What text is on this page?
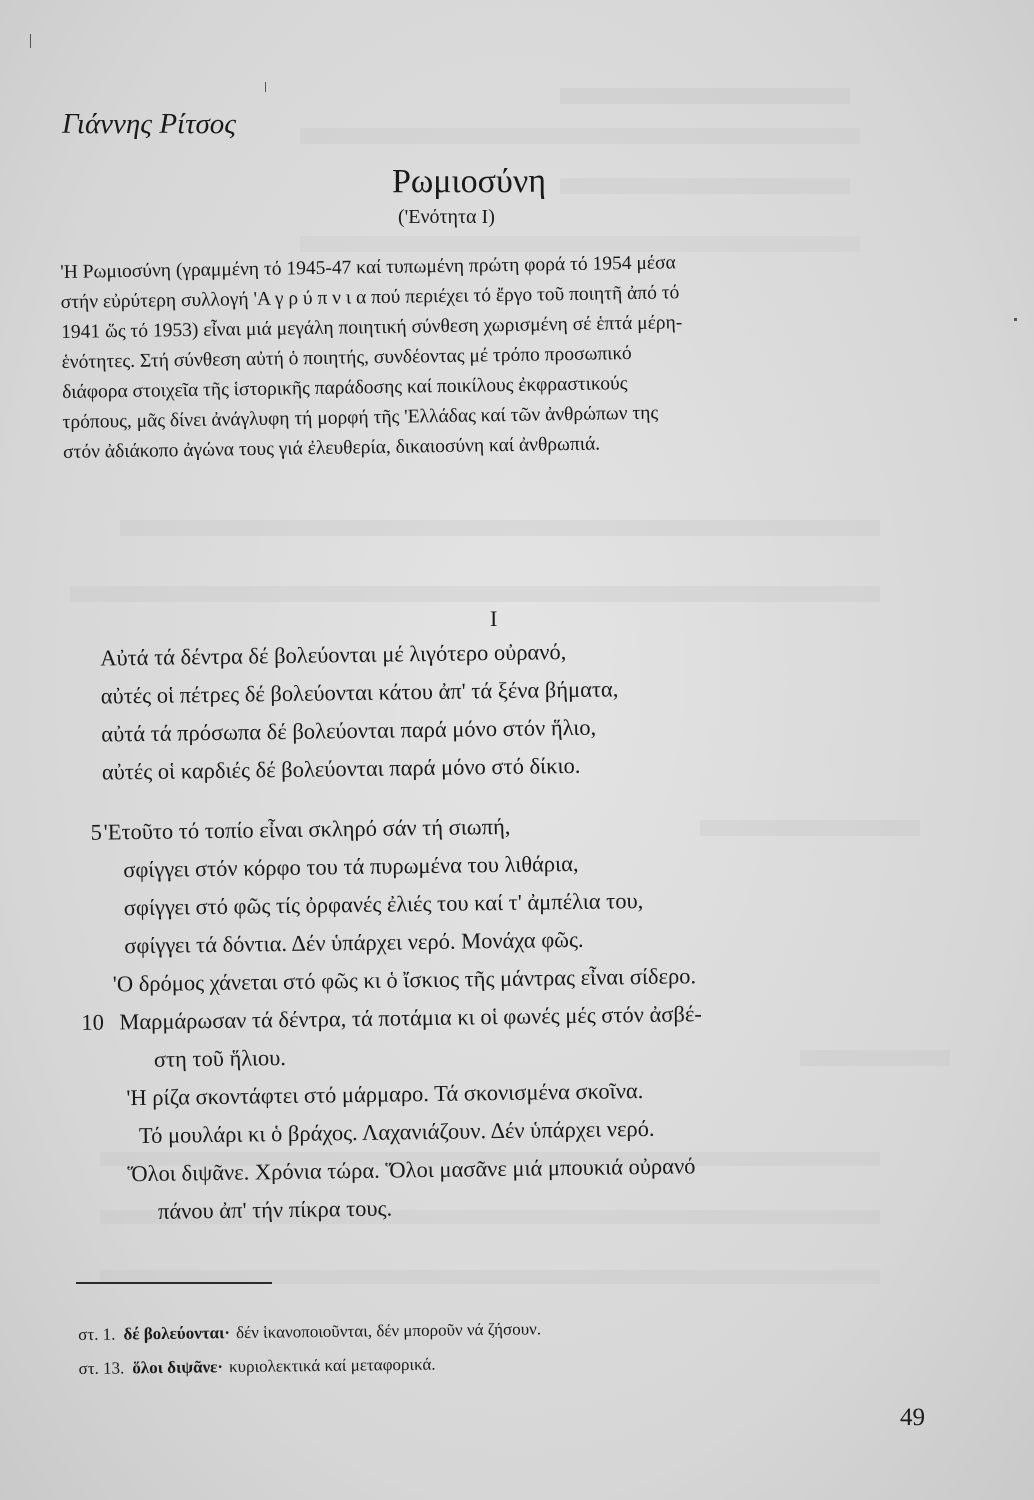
Γιάννης Ρίτσος
Ρωμιοσύνη
('Ενότητα Ι)
'Η Ρωμιοσύνη (γραμμένη τό 1945-47 καί τυπωμένη πρώτη φορά τό 1954 μέσα
στήν εὐρύτερη συλλογή 'Α γ ρ ύ π ν ι α πού περιέχει τό ἔργο τοῦ ποιητῆ ἀπό τό
1941 ὥς τό 1953) εἶναι μιά μεγάλη ποιητική σύνθεση χωρισμένη σέ ἑπτά μέρη-
ἑνότητες. Στή σύνθεση αὐτή ὁ ποιητής, συνδέοντας μέ τρόπο προσωπικό
διάφορα στοιχεῖα τῆς ἱστορικῆς παράδοσης καί ποικίλους ἐκφραστικούς
τρόπους, μᾶς δίνει ἀνάγλυφη τή μορφή τῆς 'Ελλάδας καί τῶν ἀνθρώπων της
στόν ἀδιάκοπο ἀγώνα τους γιά ἐλευθερία, δικαιοσύνη καί ἀνθρωπιά.
Ι
Αὐτά τά δέντρα δέ βολεύονται μέ λιγότερο οὐρανό,
αὐτές οἱ πέτρες δέ βολεύονται κάτου ἀπ' τά ξένα βήματα,
αὐτά τά πρόσωπα δέ βολεύονται παρά μόνο στόν ἥλιο,
αὐτές οἱ καρδιές δέ βολεύονται παρά μόνο στό δίκιο.
5 'Ετοῦτο τό τοπίο εἶναι σκληρό σάν τή σιωπή,
σφίγγει στόν κόρφο του τά πυρωμένα του λιθάρια,
σφίγγει στό φῶς τίς ὀρφανές ἐλιές του καί τ' ἀμπέλια του,
σφίγγει τά δόντια. Δέν ὑπάρχει νερό. Μονάχα φῶς.
'Ο δρόμος χάνεται στό φῶς κι ὁ ἴσκιος τῆς μάντρας εἶναι σίδερο.
10 Μαρμάρωσαν τά δέντρα, τά ποτάμια κι οἱ φωνές μές στόν ἀσβέ-
στη τοῦ ἥλιου.
'Η ρίζα σκοντάφτει στό μάρμαρο. Τά σκονισμένα σκοῖνα.
Τό μουλάρι κι ὁ βράχος. Λαχανιάζουν. Δέν ὑπάρχει νερό.
Ὅλοι διψᾶνε. Χρόνια τώρα. Ὅλοι μασᾶνε μιά μπουκιά οὐρανό
πάνου ἀπ' τήν πίκρα τους.
στ. 1. δέ βολεύονται· δέν ἱκανοποιοῦνται, δέν μποροῦν νά ζήσουν.
στ. 13. ὅλοι διψᾶνε· κυριολεκτικά καί μεταφορικά.
49
